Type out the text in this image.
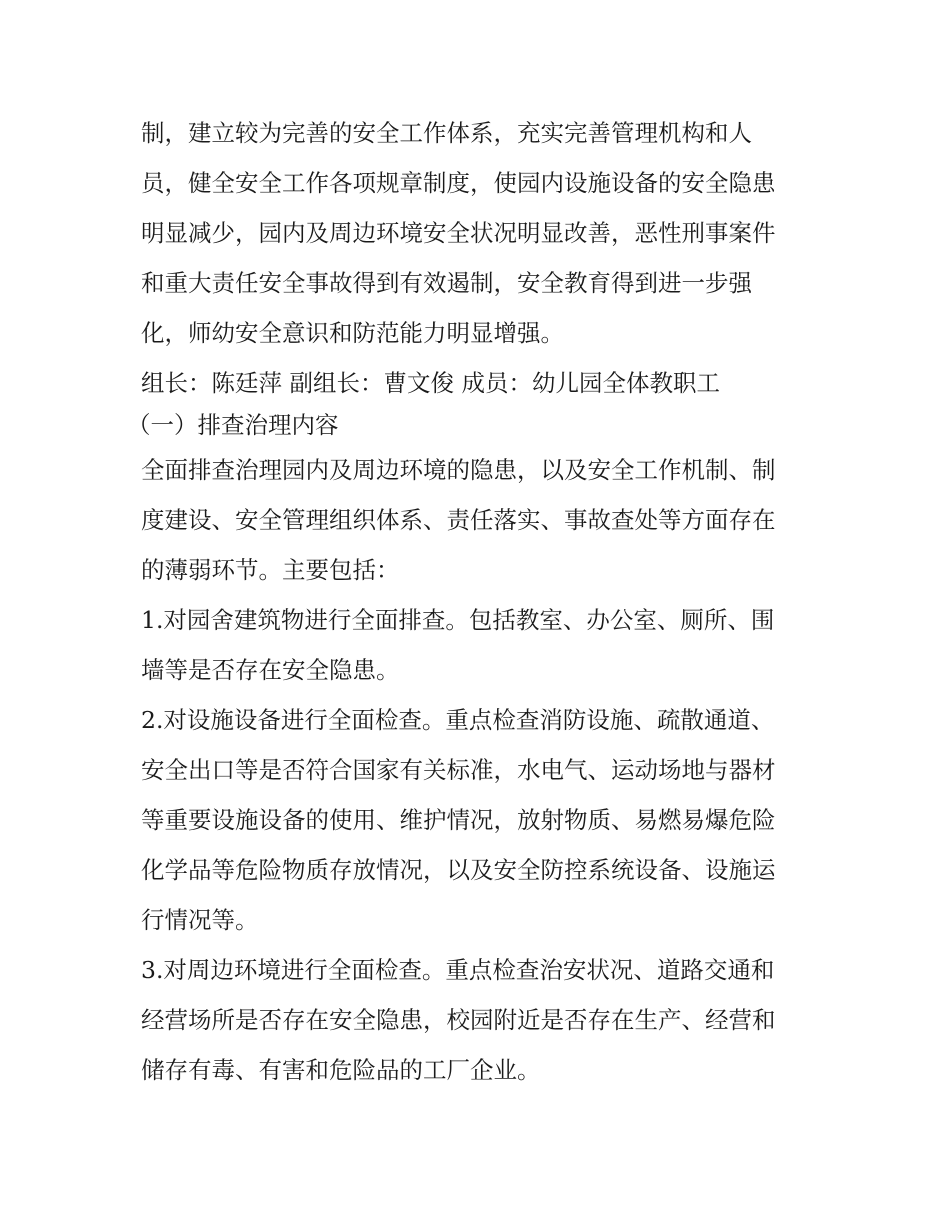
制，建立较为完善的安全工作体系，充实完善管理机构和人
员，健全安全工作各项规章制度，使园内设施设备的安全隐患
明显减少，园内及周边环境安全状况明显改善，恶性刑事案件
和重大责任安全事故得到有效遏制，安全教育得到进一步强
化，师幼安全意识和防范能力明显增强。
组长：陈廷萍 副组长：曹文俊 成员：幼儿园全体教职工
（一）排查治理内容
全面排查治理园内及周边环境的隐患，以及安全工作机制、制
度建设、安全管理组织体系、责任落实、事故查处等方面存在
的薄弱环节。主要包括：
1.对园舍建筑物进行全面排查。包括教室、办公室、厕所、围
墙等是否存在安全隐患。
2.对设施设备进行全面检查。重点检查消防设施、疏散通道、
安全出口等是否符合国家有关标准，水电气、运动场地与器材
等重要设施设备的使用、维护情况，放射物质、易燃易爆危险
化学品等危险物质存放情况，以及安全防控系统设备、设施运
行情况等。
3.对周边环境进行全面检查。重点检查治安状况、道路交通和
经营场所是否存在安全隐患，校园附近是否存在生产、经营和
储存有毒、有害和危险品的工厂企业。
